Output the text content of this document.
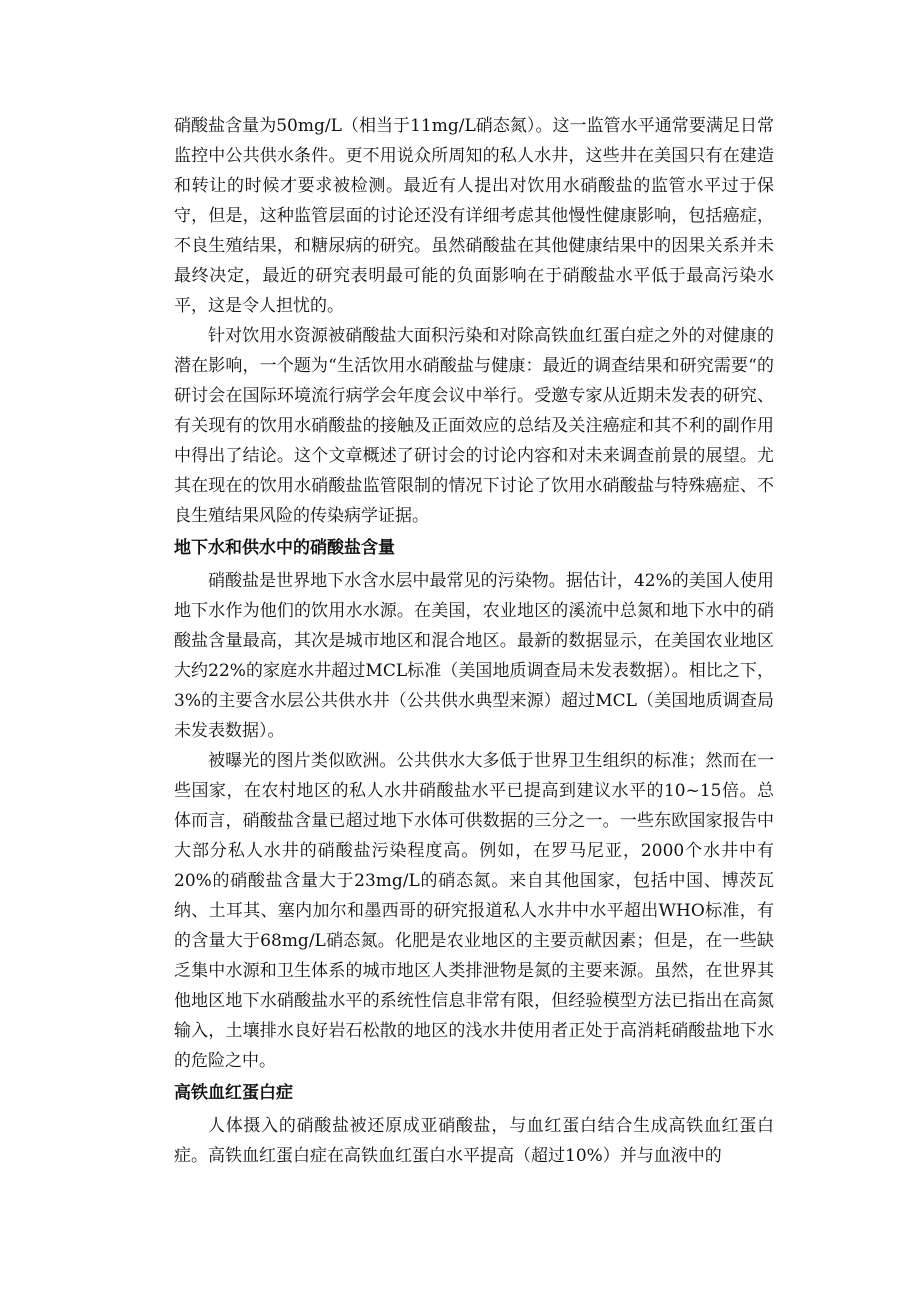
硝酸盐含量为50mg/L（相当于11mg/L硝态氮）。这一监管水平通常要满足日常监控中公共供水条件。更不用说众所周知的私人水井，这些井在美国只有在建造和转让的时候才要求被检测。最近有人提出对饮用水硝酸盐的监管水平过于保守，但是，这种监管层面的讨论还没有详细考虑其他慢性健康影响，包括癌症，不良生殖结果，和糖尿病的研究。虽然硝酸盐在其他健康结果中的因果关系并未最终决定，最近的研究表明最可能的负面影响在于硝酸盐水平低于最高污染水平，这是令人担忧的。

针对饮用水资源被硝酸盐大面积污染和对除高铁血红蛋白症之外的对健康的潜在影响，一个题为“生活饮用水硝酸盐与健康：最近的调查结果和研究需要“的研讨会在国际环境流行病学会年度会议中举行。受邀专家从近期未发表的研究、有关现有的饮用水硝酸盐的接触及正面效应的总结及关注癌症和其不利的副作用中得出了结论。这个文章概述了研讨会的讨论内容和对未来调查前景的展望。尤其在现在的饮用水硝酸盐监管限制的情况下讨论了饮用水硝酸盐与特殊癌症、不良生殖结果风险的传染病学证据。

地下水和供水中的硝酸盐含量

硝酸盐是世界地下水含水层中最常见的污染物。据估计，42%的美国人使用地下水作为他们的饮用水水源。在美国，农业地区的溪流中总氮和地下水中的硝酸盐含量最高，其次是城市地区和混合地区。最新的数据显示，在美国农业地区大约22%的家庭水井超过MCL标准（美国地质调查局未发表数据）。相比之下，3%的主要含水层公共供水井（公共供水典型来源）超过MCL（美国地质调查局未发表数据）。

被曝光的图片类似欧洲。公共供水大多低于世界卫生组织的标准；然而在一些国家，在农村地区的私人水井硝酸盐水平已提高到建议水平的10~15倍。总体而言，硝酸盐含量已超过地下水体可供数据的三分之一。一些东欧国家报告中大部分私人水井的硝酸盐污染程度高。例如，在罗马尼亚，2000个水井中有20%的硝酸盐含量大于23mg/L的硝态氮。来自其他国家，包括中国、博茨瓦纳、土耳其、塞内加尔和墨西哥的研究报道私人水井中水平超出WHO标准，有的含量大于68mg/L硝态氮。化肥是农业地区的主要贡献因素；但是，在一些缺乏集中水源和卫生体系的城市地区人类排泄物是氮的主要来源。虽然，在世界其他地区地下水硝酸盐水平的系统性信息非常有限，但经验模型方法已指出在高氮输入，土壤排水良好岩石松散的地区的浅水井使用者正处于高消耗硝酸盐地下水的危险之中。

高铁血红蛋白症

人体摄入的硝酸盐被还原成亚硝酸盐，与血红蛋白结合生成高铁血红蛋白症。高铁血红蛋白症在高铁血红蛋白水平提高（超过10%）并与血液中的
